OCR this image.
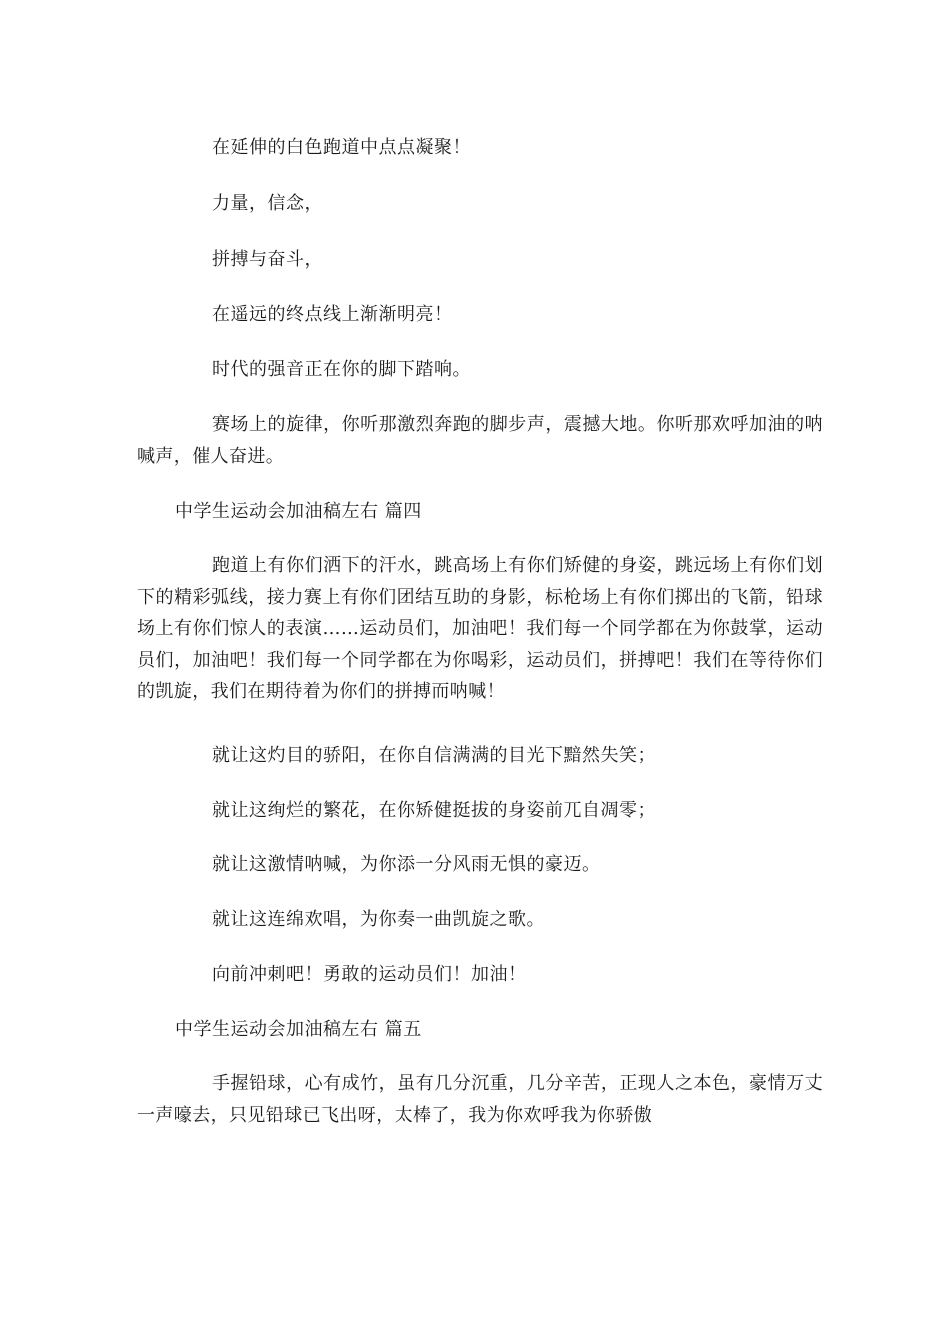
在延伸的白色跑道中点点凝聚！
力量，信念，
拼搏与奋斗，
在遥远的终点线上渐渐明亮！
时代的强音正在你的脚下踏响。

赛场上的旋律，你听那激烈奔跑的脚步声，震撼大地。你听那欢呼加油的呐喊声，催人奋进。

中学生运动会加油稿左右 篇四

跑道上有你们洒下的汗水，跳高场上有你们矫健的身姿，跳远场上有你们划下的精彩弧线，接力赛上有你们团结互助的身影，标枪场上有你们掷出的飞箭，铅球场上有你们惊人的表演……运动员们，加油吧！我们每一个同学都在为你鼓掌，运动员们，加油吧！我们每一个同学都在为你喝彩，运动员们，拼搏吧！我们在等待你们的凯旋，我们在期待着为你们的拼搏而呐喊！

就让这灼目的骄阳，在你自信满满的目光下黯然失笑；
就让这绚烂的繁花，在你矫健挺拔的身姿前兀自凋零；
就让这激情呐喊，为你添一分风雨无惧的豪迈。
就让这连绵欢唱，为你奏一曲凯旋之歌。
向前冲刺吧！勇敢的运动员们！加油！
中学生运动会加油稿左右 篇五

手握铅球，心有成竹，虽有几分沉重，几分辛苦，正现人之本色，豪情万丈一声嚎去，只见铅球已飞出呀，太棒了，我为你欢呼我为你骄傲
